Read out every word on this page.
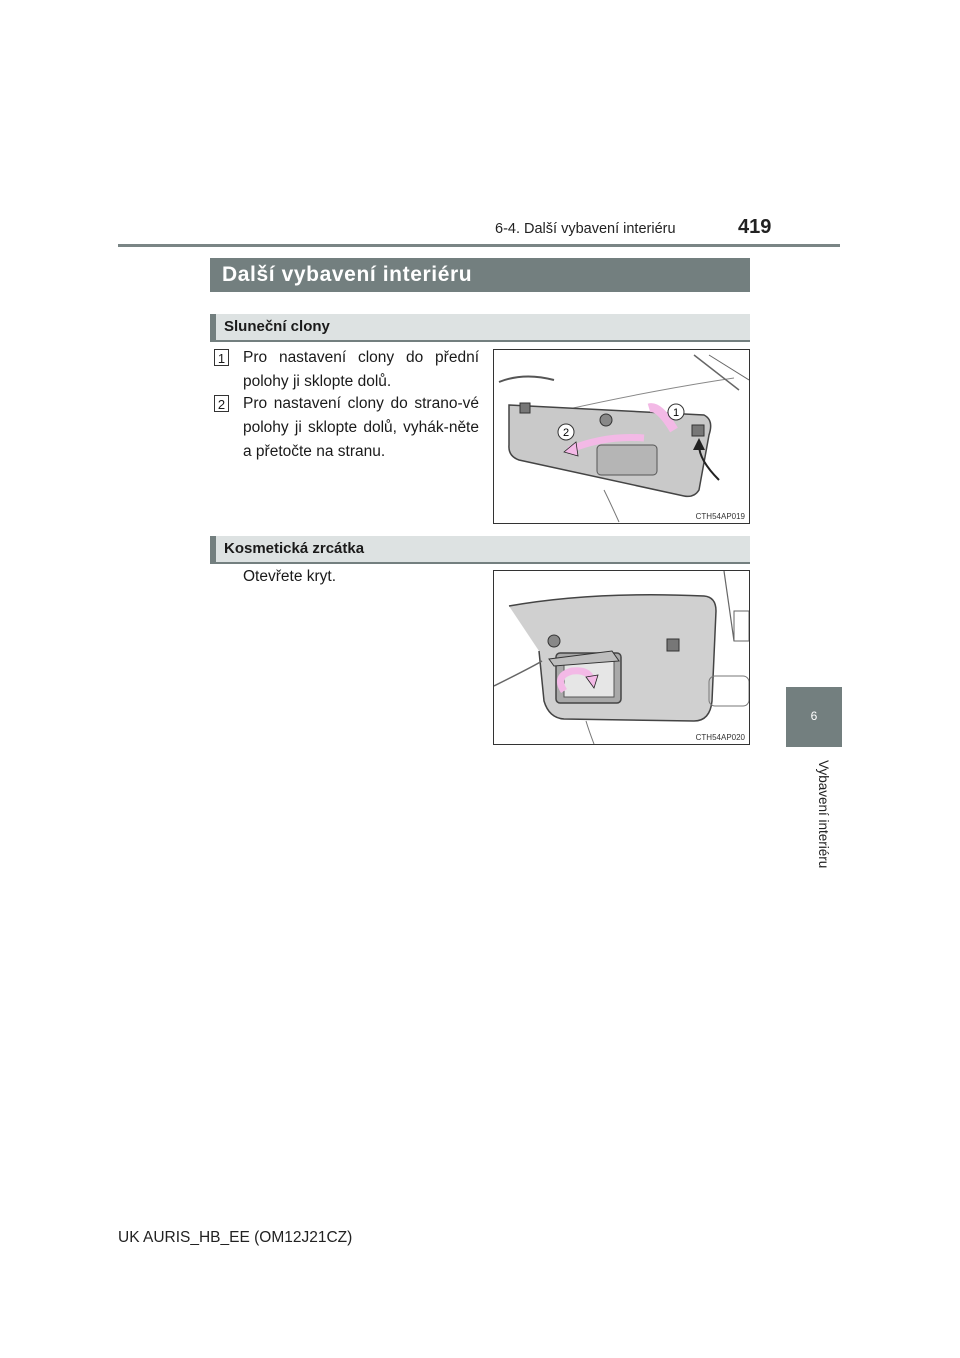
6-4. Další vybavení interiéru	419
Další vybavení interiéru
Sluneční clony
1 Pro nastavení clony do přední polohy ji sklopte dolů.
2 Pro nastavení clony do strano-vé polohy ji sklopte dolů, vyhák-něte a přetočte na stranu.
1
2
CTH54AP019
Kosmetická zrcátka
Otevřete kryt.
CTH54AP020
6
Vybavení interiéru
UK AURIS_HB_EE (OM12J21CZ)
